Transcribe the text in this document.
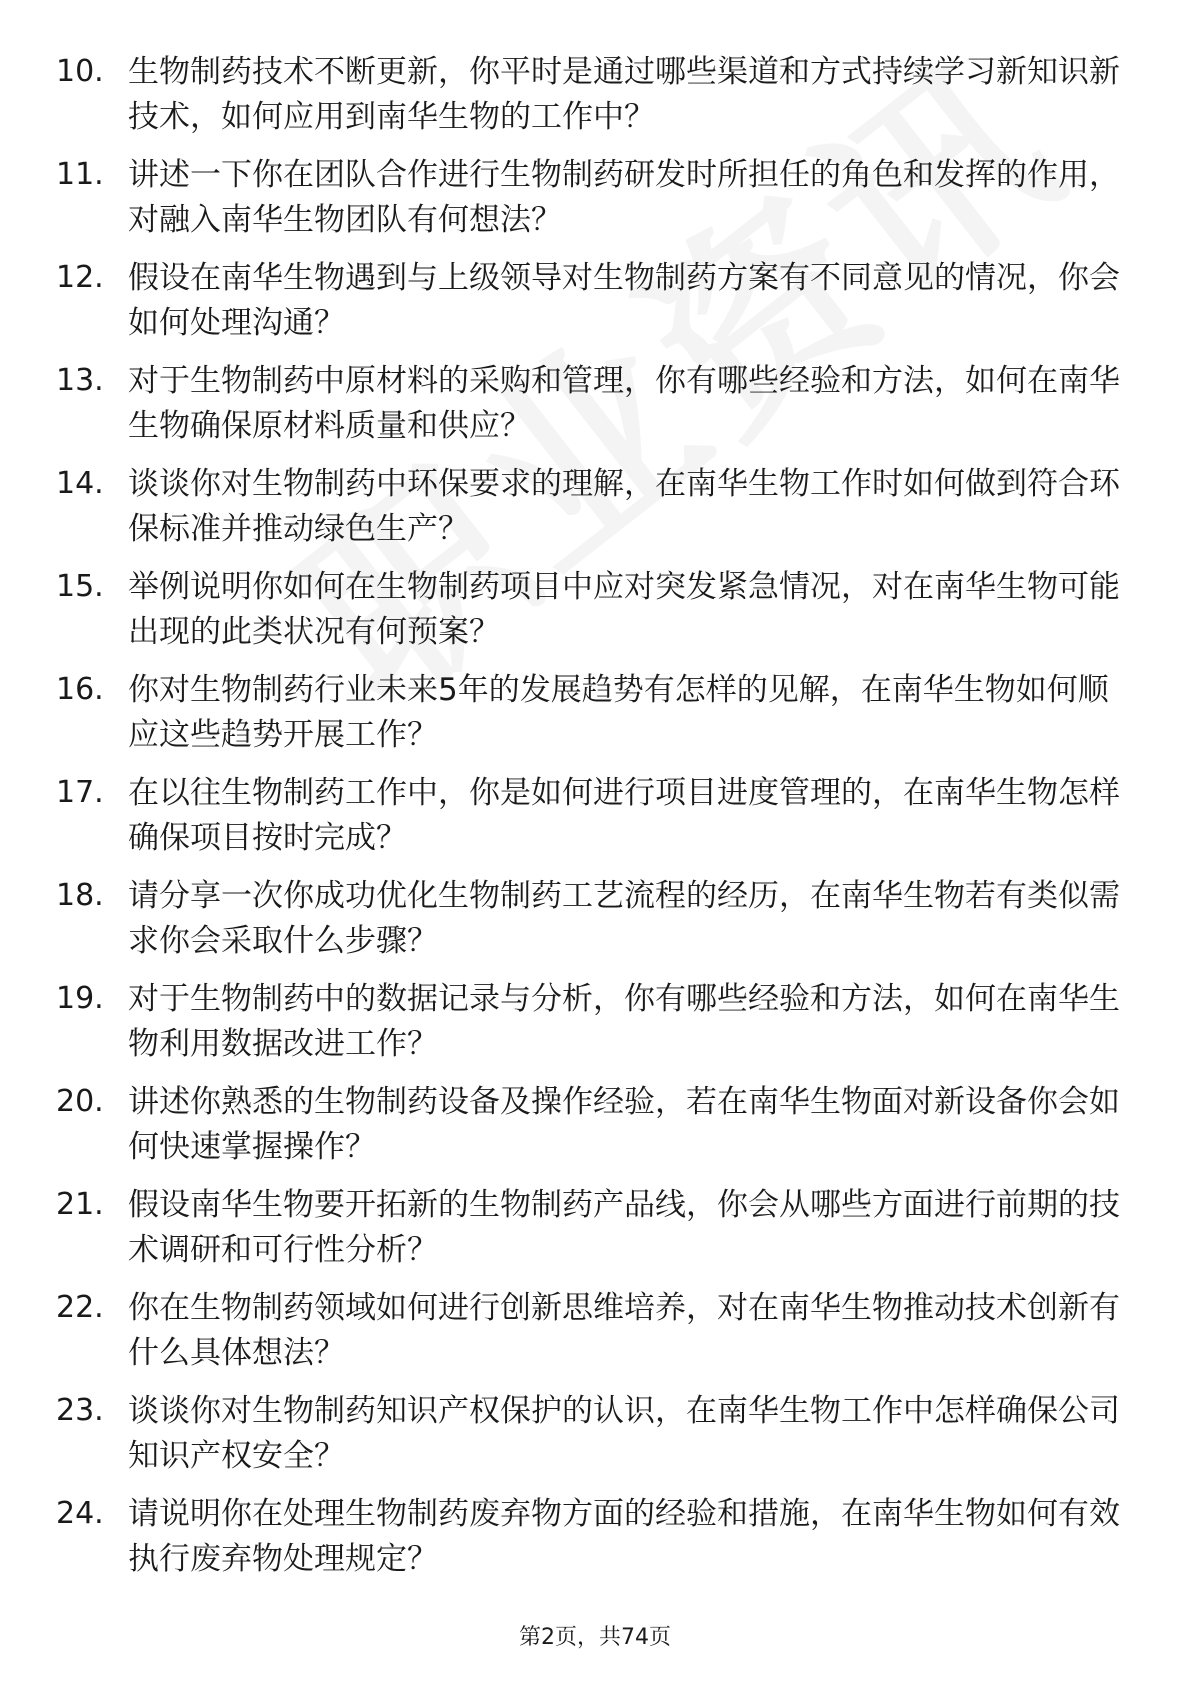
10. 生物制药技术不断更新，你平时是通过哪些渠道和方式持续学习新知识新技术，如何应用到南华生物的工作中？
11. 讲述一下你在团队合作进行生物制药研发时所担任的角色和发挥的作用，对融入南华生物团队有何想法？
12. 假设在南华生物遇到与上级领导对生物制药方案有不同意见的情况，你会如何处理沟通？
13. 对于生物制药中原材料的采购和管理，你有哪些经验和方法，如何在南华生物确保原材料质量和供应？
14. 谈谈你对生物制药中环保要求的理解，在南华生物工作时如何做到符合环保标准并推动绿色生产？
15. 举例说明你如何在生物制药项目中应对突发紧急情况，对在南华生物可能出现的此类状况有何预案？
16. 你对生物制药行业未来5年的发展趋势有怎样的见解，在南华生物如何顺应这些趋势开展工作？
17. 在以往生物制药工作中，你是如何进行项目进度管理的，在南华生物怎样确保项目按时完成？
18. 请分享一次你成功优化生物制药工艺流程的经历，在南华生物若有类似需求你会采取什么步骤？
19. 对于生物制药中的数据记录与分析，你有哪些经验和方法，如何在南华生物利用数据改进工作？
20. 讲述你熟悉的生物制药设备及操作经验，若在南华生物面对新设备你会如何快速掌握操作？
21. 假设南华生物要开拓新的生物制药产品线，你会从哪些方面进行前期的技术调研和可行性分析？
22. 你在生物制药领域如何进行创新思维培养，对在南华生物推动技术创新有什么具体想法？
23. 谈谈你对生物制药知识产权保护的认识，在南华生物工作中怎样确保公司知识产权安全？
24. 请说明你在处理生物制药废弃物方面的经验和措施，在南华生物如何有效执行废弃物处理规定？
第2页，共74页
